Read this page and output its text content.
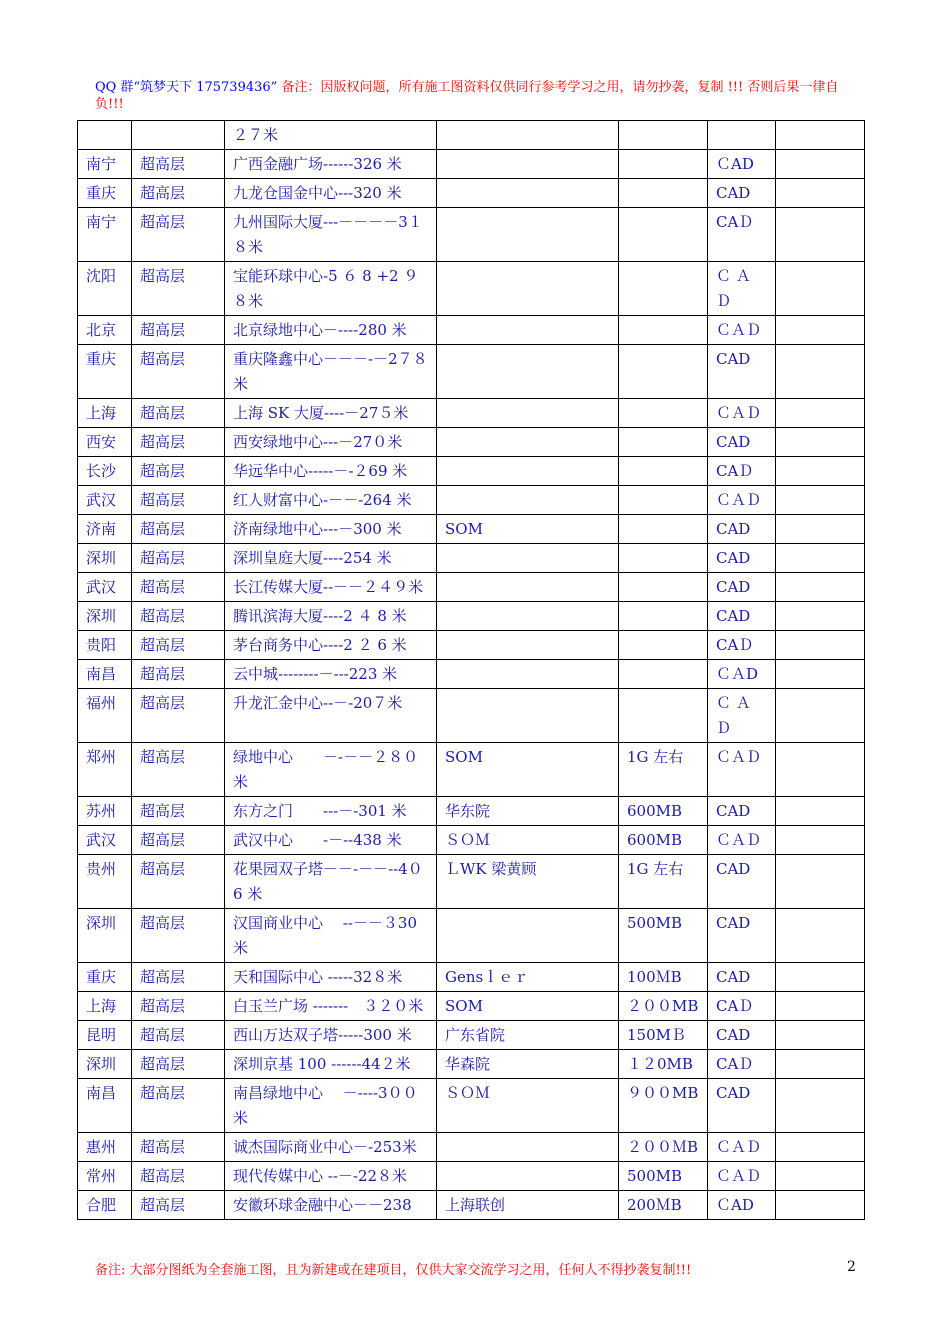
QQ 群“筑梦天下 175739436” 备注：因版权问题，所有施工图资料仅供同行参考学习之用，请勿抄袭，复制 !!! 否则后果一律自负!!!
		２７米				
南宁	超高层	广西金融广场------326 米			ＣAD	
重庆	超高层	九龙仓国金中心---320 米			CAD	
南宁	超高层	九州国际大厦---－－－－3１８米			CAＤ	
沈阳	超高层	宝能环球中心-5 ６ 8 +2 ９８米			Ｃ Ａ Ｄ	
北京	超高层	北京绿地中心－----280 米			ＣＡＤ	
重庆	超高层	重庆隆鑫中心－－－-－2７８米			CAD	
上海	超高层	上海 SK 大厦----－27５米			ＣＡＤ	
西安	超高层	西安绿地中心---－27０米			CAD	
长沙	超高层	华远华中心-----－-２69 米			CAＤ	
武汉	超高层	红人财富中心-－－-264 米			ＣＡＤ	
济南	超高层	济南绿地中心---－300 米	SOM		CAD	
深圳	超高层	深圳皇庭大厦----254 米			CAD	
武汉	超高层	长江传媒大厦--－－２４９米			CAD	
深圳	超高层	腾讯滨海大厦----2 ４ 8 米			CAD	
贵阳	超高层	茅台商务中心----2 ２ 6 米			CAＤ	
南昌	超高层	云中城--------－---223 米			ＣＡD	
福州	超高层	升龙汇金中心--－-20７米			Ｃ Ａ Ｄ	
郑州	超高层	绿地中心　　－-－－２８０米	SOM	1G 左右	ＣＡＤ	
苏州	超高层	东方之门　　---－-301 米	华东院	600MB	CAD	
武汉	超高层	武汉中心　　-－--438 米	ＳＯＭ	600MB	ＣＡＤ	
贵州	超高层	花果园双子塔－－-－－--4０6 米	ＬWK 梁黄顾	1G 左右	CAD	
深圳	超高层	汉国商业中心　 --－－３30 米		500MB	CAD	
重庆	超高层	天和国际中心 -----32８米	Gensｌｅｒ	100ＭB	CAD	
上海	超高层	白玉兰广场 -------　３２０米	SOM	２００MB	CAＤ	
昆明	超高层	西山万达双子塔-----300 米	广东省院	150MＢ	CAD	
深圳	超高层	深圳京基 100 ------44２米	华森院	１２0MB	CAＤ	
南昌	超高层	南昌绿地中心　 －----3００米	ＳＯＭ	９００MB	CAD	
惠州	超高层	诚杰国际商业中心－-253米		２００ＭB	ＣＡＤ	
常州	超高层	现代传媒中心 --－-22８米		500MB	ＣＡＤ	
合肥	超高层	安徽环球金融中心－－238	上海联创	200ＭB	ＣAD	
备注: 大部分图纸为全套施工图，且为新建或在建项目，仅供大家交流学习之用，任何人不得抄袭复制!!!	2
